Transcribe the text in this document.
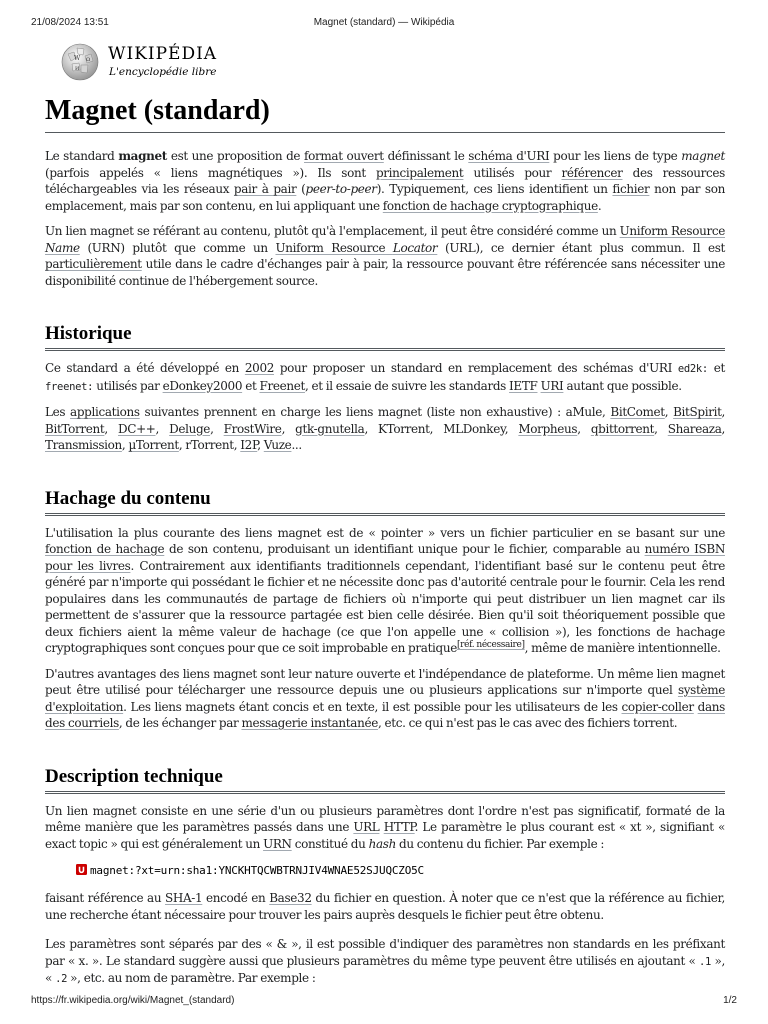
21/08/2024 13:51	Magnet (standard) — Wikipédia
W Ω
И
WIKIPÉDIA
L'encyclopédie libre
Magnet (standard)

Le standard magnet est une proposition de format ouvert définissant le schéma d'URI pour les liens de type magnet (parfois appelés « liens magnétiques »). Ils sont principalement utilisés pour référencer des ressources téléchargeables via les réseaux pair à pair (peer-to-peer). Typiquement, ces liens identifient un fichier non par son emplacement, mais par son contenu, en lui appliquant une fonction de hachage cryptographique.

Un lien magnet se référant au contenu, plutôt qu'à l'emplacement, il peut être considéré comme un Uniform Resource Name (URN) plutôt que comme un Uniform Resource Locator (URL), ce dernier étant plus commun. Il est particulièrement utile dans le cadre d'échanges pair à pair, la ressource pouvant être référencée sans nécessiter une disponibilité continue de l'hébergement source.

Historique

Ce standard a été développé en 2002 pour proposer un standard en remplacement des schémas d'URI ed2k: et freenet: utilisés par eDonkey2000 et Freenet, et il essaie de suivre les standards IETF URI autant que possible.

Les applications suivantes prennent en charge les liens magnet (liste non exhaustive) : aMule, BitComet, BitSpirit, BitTorrent, DC++, Deluge, FrostWire, gtk-gnutella, KTorrent, MLDonkey, Morpheus, qbittorrent, Shareaza, Transmission, µTorrent, rTorrent, I2P, Vuze...

Hachage du contenu

L'utilisation la plus courante des liens magnet est de « pointer » vers un fichier particulier en se basant sur une fonction de hachage de son contenu, produisant un identifiant unique pour le fichier, comparable au numéro ISBN pour les livres. Contrairement aux identifiants traditionnels cependant, l'identifiant basé sur le contenu peut être généré par n'importe qui possédant le fichier et ne nécessite donc pas d'autorité centrale pour le fournir. Cela les rend populaires dans les communautés de partage de fichiers où n'importe qui peut distribuer un lien magnet car ils permettent de s'assurer que la ressource partagée est bien celle désirée. Bien qu'il soit théoriquement possible que deux fichiers aient la même valeur de hachage (ce que l'on appelle une « collision »), les fonctions de hachage cryptographiques sont conçues pour que ce soit improbable en pratique[réf. nécessaire], même de manière intentionnelle.

D'autres avantages des liens magnet sont leur nature ouverte et l'indépendance de plateforme. Un même lien magnet peut être utilisé pour télécharger une ressource depuis une ou plusieurs applications sur n'importe quel système d'exploitation. Les liens magnets étant concis et en texte, il est possible pour les utilisateurs de les copier-coller dans des courriels, de les échanger par messagerie instantanée, etc. ce qui n'est pas le cas avec des fichiers torrent.

Description technique

Un lien magnet consiste en une série d'un ou plusieurs paramètres dont l'ordre n'est pas significatif, formaté de la même manière que les paramètres passés dans une URL HTTP. Le paramètre le plus courant est « xt », signifiant « exact topic » qui est généralement un URN constitué du hash du contenu du fichier. Par exemple :

magnet:?xt=urn:sha1:YNCKHTQCWBTRNJIV4WNAE52SJUQCZO5C

faisant référence au SHA-1 encodé en Base32 du fichier en question. À noter que ce n'est que la référence au fichier, une recherche étant nécessaire pour trouver les pairs auprès desquels le fichier peut être obtenu.

Les paramètres sont séparés par des « & », il est possible d'indiquer des paramètres non standards en les préfixant par « x. ». Le standard suggère aussi que plusieurs paramètres du même type peuvent être utilisés en ajoutant « .1 », « .2 », etc. au nom de paramètre. Par exemple :

https://fr.wikipedia.org/wiki/Magnet_(standard)	1/2
